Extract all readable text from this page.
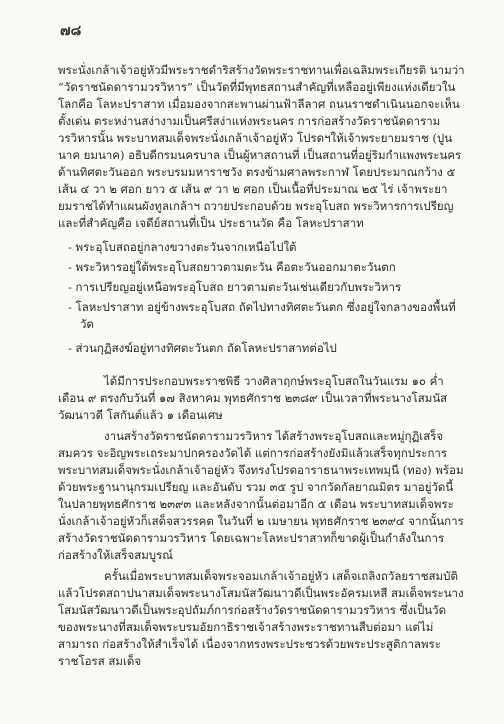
๗๘

พระนั่งเกล้าเจ้าอยู่หัวมีพระราชดำริสร้างวัดพระราชทานเพื่อเฉลิมพระเกียรติ นามว่า “วัดราชนัดดารามวรวิหาร” เป็นวัดที่มีพุทธสถานสำคัญที่เหลืออยู่เพียงแห่งเดียวในโลกคือ โลหะปราสาท เมื่อมองจากสะพานผ่านฟ้าลีลาศ ถนนราชดำเนินนอกจะเห็นตั้งเด่น ตระหง่านสง่างามเป็นศรีสง่าแห่งพระนคร การก่อสร้างวัดราชนัดดารามวรวิหารนั้น พระบาทสมเด็จพระนั่งเกล้าเจ้าอยู่หัว โปรดฯให้เจ้าพระยายมราช (ปูนนาค ยมนาค) อธิบดีกรมนครบาล เป็นผู้หาสถานที่ เป็นสถานที่อยู่ริมกำแพงพระนครด้านทิศตะวันออก พระบรมมหาราชวัง ตรงข้ามศาลพระกาฬ โดยประมาณกว้าง ๕ เส้น ๔ วา ๒ ศอก ยาว ๕ เส้น ๙ วา ๒ ศอก เป็นเนื้อที่ประมาณ ๒๕ ไร่ เจ้าพระยายมราชได้ทำแผนผังทูลเกล้าฯ ถวายประกอบด้วย พระอุโบสถ พระวิหารการเปรียญ และที่สำคัญคือ เจดีย์สถานที่เป็น ประธานวัด คือ โลหะปราสาท

- พระอุโบสถอยู่กลางขวางตะวันจากเหนือไปใต้

- พระวิหารอยู่ใต้พระอุโบสถยาวตามตะวัน คือตะวันออกมาตะวันตก

- การเปรียญอยู่เหนือพระอุโบสถ ยาวตามตะวันเช่นเดียวกับพระวิหาร

- โลหะปราสาท อยู่ข้างพระอุโบสถ ถัดไปทางทิศตะวันตก ซึ่งอยู่ใจกลางของพื้นที่วัด

- ส่วนกุฏิสงฆ์อยู่ทางทิศตะวันตก ถัดโลหะปราสาทต่อไป

ได้มีการประกอบพระราชพิธี วางศิลาฤกษ์พระอุโบสถในวันแรม ๑๐ ค่ำ เดือน ๙ ตรงกับวันที่ ๑๗ สิงหาคม พุทธศักราช ๒๓๘๙ เป็นเวลาที่พระนางโสมนัสวัฒนาวดี โสกันต์แล้ว ๑ เดือนเศษ

งานสร้างวัดราชนัดดารามวรวิหาร ได้สร้างพระอุโบสถและหมู่กุฏิเสร็จสมควร จะอิญพระเถระมาปกครองวัดได้ แต่การก่อสร้างยังมิแล้วเสร็จทุกประการ พระบาทสมเด็จพระนั่งเกล้าเจ้าอยู่หัว จึงทรงโปรดอาราธนาพระเทพมุนี (ทอง) พร้อมด้วยพระฐานานุกรมเปรียญ และอันดับ รวม ๓๕ รูป จากวัดกัลยาณมิตร มาอยู่วัดนี้ในปลายพุทธศักราช ๒๓๙๓ และหลังจากนั้นต่อมาอีก ๕ เดือน พระบาทสมเด็จพระนั่งเกล้าเจ้าอยู่หัวก็เสด็จสวรรคต ในวันที่ ๒ เมษายน พุทธศักราช ๒๓๙๔ จากนั้นการสร้างวัดราชนัดดารามวรวิหาร โดยเฉพาะโลหะปราสาทก็ขาดผู้เป็นกำลังในการก่อสร้างให้เสร็จสมบูรณ์

ครั้นเมื่อพระบาทสมเด็จพระจอมเกล้าเจ้าอยู่หัว เสด็จเถลิงถวัลยราชสมบัติ แล้วโปรดสถาปนาสมเด็จพระนางโสมนัสวัฒนาวดีเป็นพระอัครมเหสี สมเด็จพระนางโสมนัสวัฒนาวดีเป็นพระอุปถัมภ์การก่อสร้างวัดราชนัดดารามวรวิหาร ซึ่งเป็นวัดของพระนางที่สมเด็จพระบรมอัยกาธิราชเจ้าสร้างพระราชทานสืบต่อมา แต่ไม่สามารถ ก่อสร้างให้สำเร็จได้ เนื่องจากทรงพระประชวรด้วยพระประสูติกาลพระราชโอรส สมเด็จ
